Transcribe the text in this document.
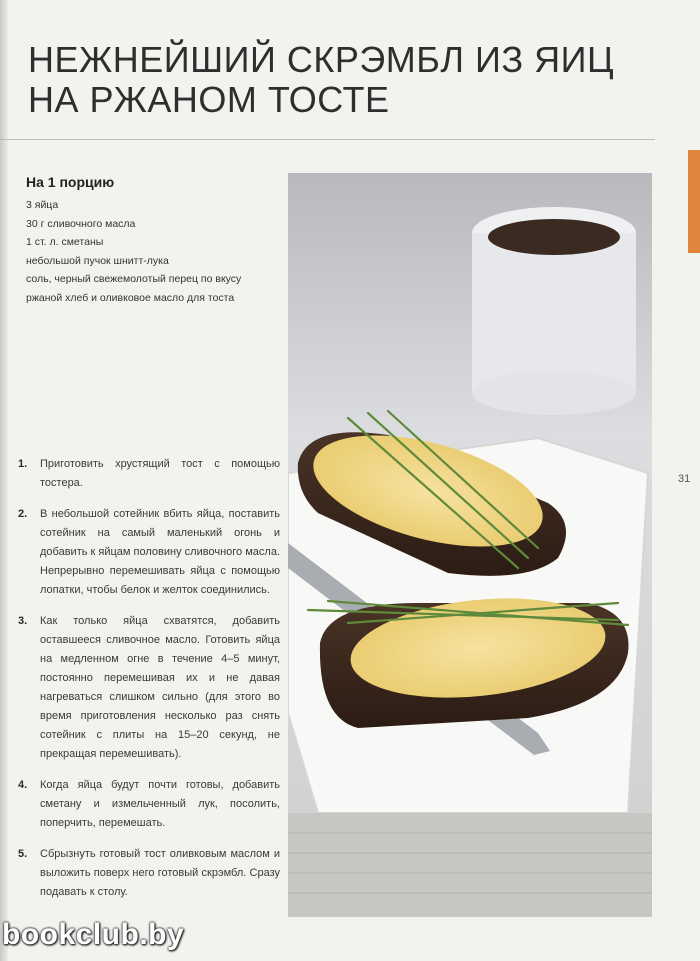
НЕЖНЕЙШИЙ СКРЭМБЛ ИЗ ЯИЦ
НА РЖАНОМ ТОСТЕ
31
На 1 порцию
3 яйца
30 г сливочного масла
1 ст. л. сметаны
небольшой пучок шнитт-лука
соль, черный свежемолотый перец по вкусу
ржаной хлеб и оливковое масло для тоста
1. Приготовить хрустящий тост с помощью тостера.
2. В небольшой сотейник вбить яйца, поставить сотейник на самый маленький огонь и добавить к яйцам половину сливочного масла. Непрерывно перемешивать яйца с помощью лопатки, чтобы белок и желток соединились.
3. Как только яйца схватятся, добавить оставшееся сливочное масло. Готовить яйца на медленном огне в течение 4–5 минут, постоянно перемешивая их и не давая нагреваться слишком сильно (для этого во время приготовления несколько раз снять сотейник с плиты на 15–20 секунд, не прекращая перемешивать).
4. Когда яйца будут почти готовы, добавить сметану и измельченный лук, посолить, поперчить, перемешать.
5. Сбрызнуть готовый тост оливковым маслом и выложить поверх него готовый скрэмбл. Сразу подавать к столу.
bookclub.by
